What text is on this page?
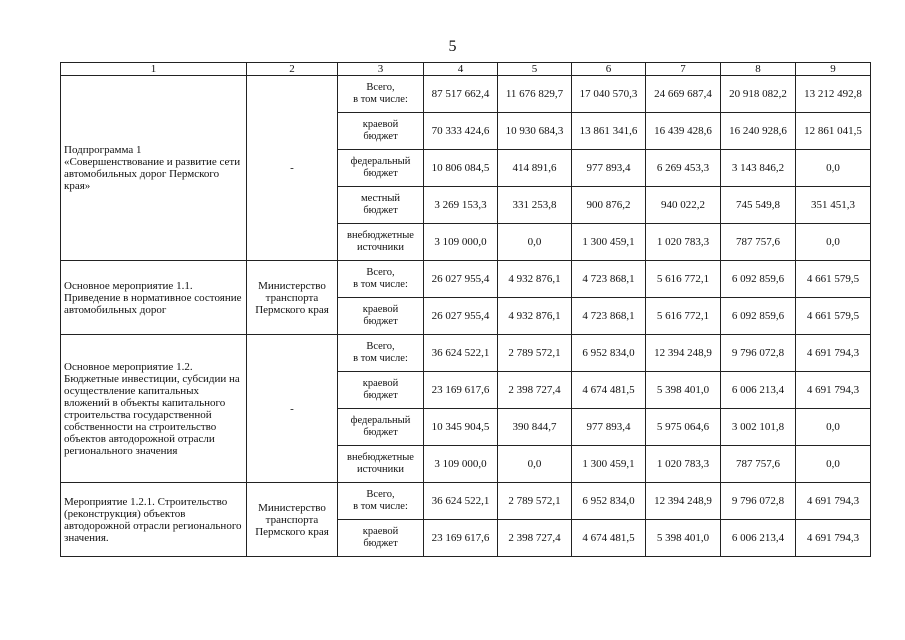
5
1	2	3	4	5	6	7	8	9
Подпрограмма 1
«Совершенствование и развитие сети автомобильных дорог Пермского края»	-	Всего,
в том числе:	87 517 662,4	11 676 829,7	17 040 570,3	24 669 687,4	20 918 082,2	13 212 492,8
		краевой
бюджет	70 333 424,6	10 930 684,3	13 861 341,6	16 439 428,6	16 240 928,6	12 861 041,5
		федеральный
бюджет	10 806 084,5	414 891,6	977 893,4	6 269 453,3	3 143 846,2	0,0
		местный
бюджет	3 269 153,3	331 253,8	900 876,2	940 022,2	745 549,8	351 451,3
		внебюджетные
источники	3 109 000,0	0,0	1 300 459,1	1 020 783,3	787 757,6	0,0
Основное мероприятие 1.1.
Приведение в нормативное состояние автомобильных дорог	Министерство транспорта Пермского края	Всего,
в том числе:	26 027 955,4	4 932 876,1	4 723 868,1	5 616 772,1	6 092 859,6	4 661 579,5
		краевой
бюджет	26 027 955,4	4 932 876,1	4 723 868,1	5 616 772,1	6 092 859,6	4 661 579,5
Основное мероприятие 1.2.
Бюджетные инвестиции, субсидии на осуществление капитальных вложений в объекты капитального строительства государственной собственности на строительство объектов автодорожной отрасли регионального значения	-	Всего,
в том числе:	36 624 522,1	2 789 572,1	6 952 834,0	12 394 248,9	9 796 072,8	4 691 794,3
		краевой
бюджет	23 169 617,6	2 398 727,4	4 674 481,5	5 398 401,0	6 006 213,4	4 691 794,3
		федеральный
бюджет	10 345 904,5	390 844,7	977 893,4	5 975 064,6	3 002 101,8	0,0
		внебюджетные
источники	3 109 000,0	0,0	1 300 459,1	1 020 783,3	787 757,6	0,0
Мероприятие 1.2.1. Строительство (реконструкция) объектов автодорожной отрасли регионального значения.	Министерство транспорта Пермского края	Всего,
в том числе:	36 624 522,1	2 789 572,1	6 952 834,0	12 394 248,9	9 796 072,8	4 691 794,3
		краевой
бюджет	23 169 617,6	2 398 727,4	4 674 481,5	5 398 401,0	6 006 213,4	4 691 794,3
